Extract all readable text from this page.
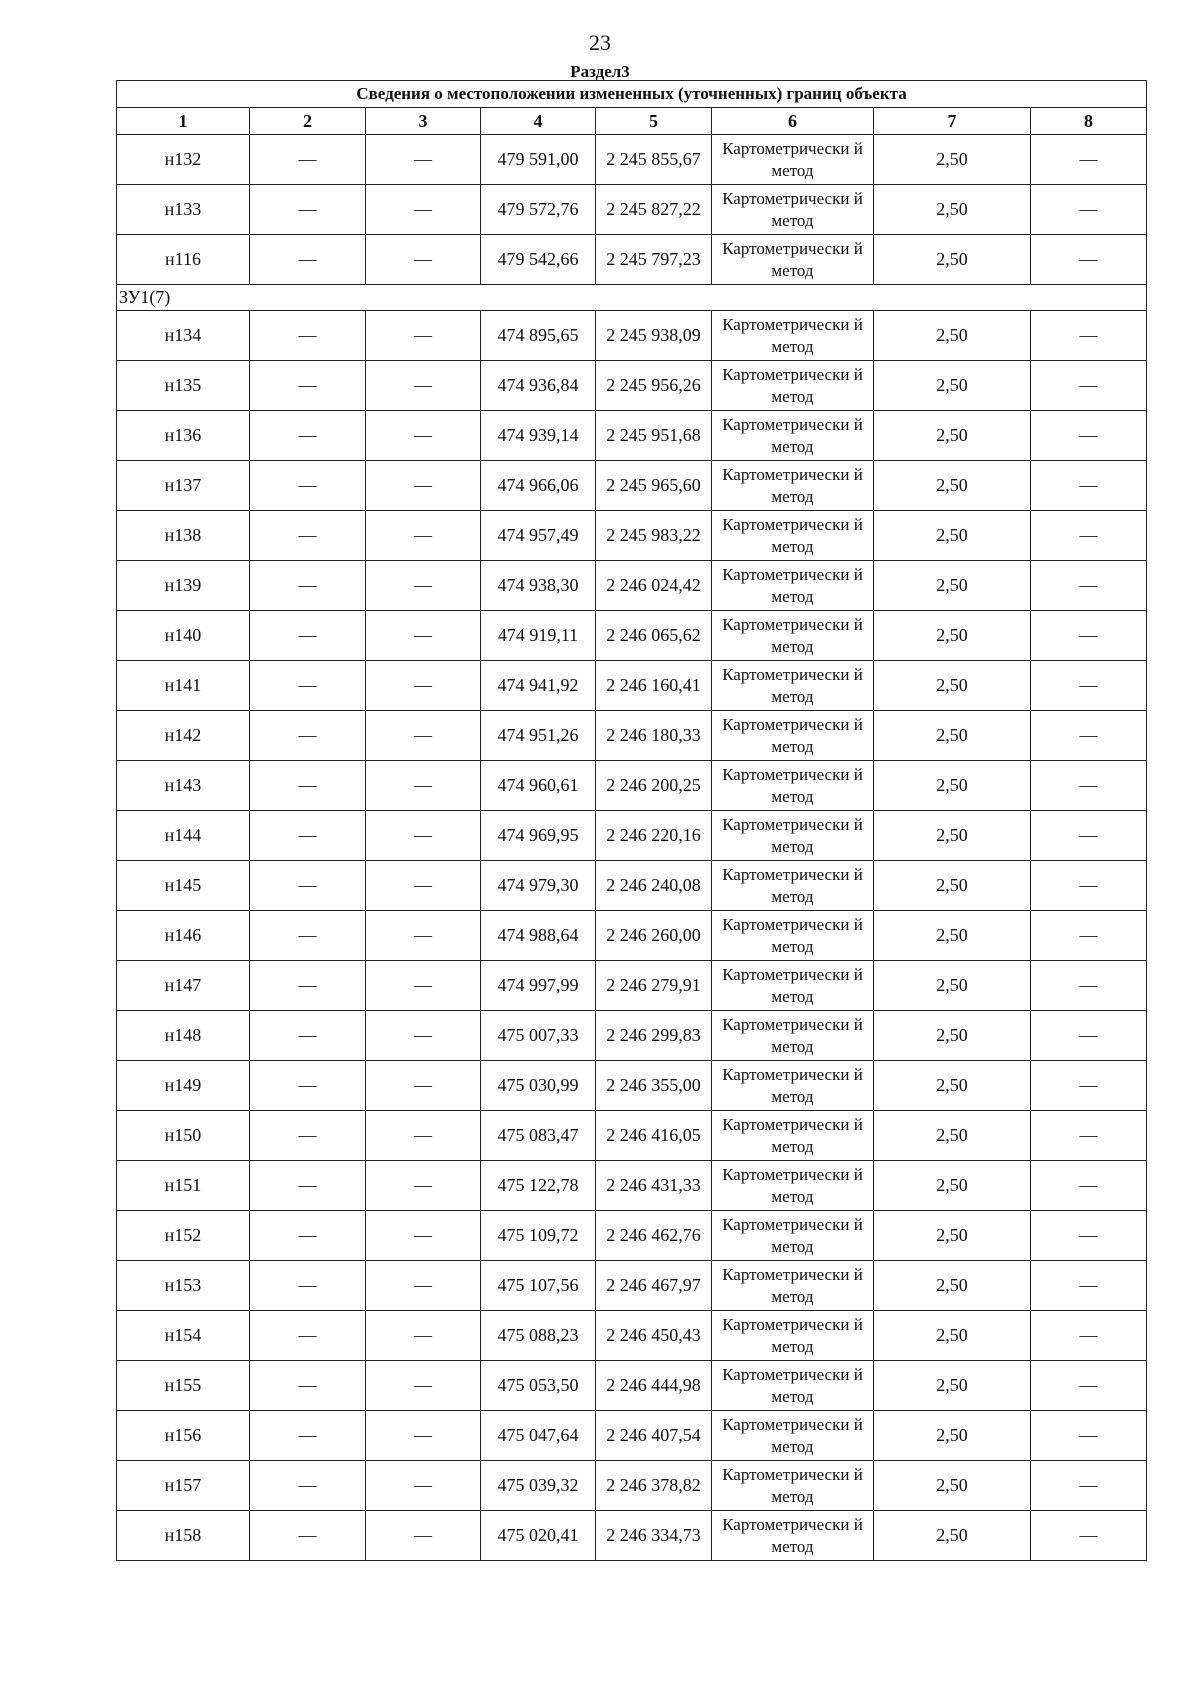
23
Раздел3
Сведения о местоположении измененных (уточненных) границ объекта							
1	2	3	4	5	6	7	8
н132	—	—	479 591,00	2 245 855,67	Картометрически й метод	2,50	—
н133	—	—	479 572,76	2 245 827,22	Картометрически й метод	2,50	—
н116	—	—	479 542,66	2 245 797,23	Картометрически й метод	2,50	—
ЗУ1(7)							
н134	—	—	474 895,65	2 245 938,09	Картометрически й метод	2,50	—
н135	—	—	474 936,84	2 245 956,26	Картометрически й метод	2,50	—
н136	—	—	474 939,14	2 245 951,68	Картометрически й метод	2,50	—
н137	—	—	474 966,06	2 245 965,60	Картометрически й метод	2,50	—
н138	—	—	474 957,49	2 245 983,22	Картометрически й метод	2,50	—
н139	—	—	474 938,30	2 246 024,42	Картометрически й метод	2,50	—
н140	—	—	474 919,11	2 246 065,62	Картометрически й метод	2,50	—
н141	—	—	474 941,92	2 246 160,41	Картометрически й метод	2,50	—
н142	—	—	474 951,26	2 246 180,33	Картометрически й метод	2,50	—
н143	—	—	474 960,61	2 246 200,25	Картометрически й метод	2,50	—
н144	—	—	474 969,95	2 246 220,16	Картометрически й метод	2,50	—
н145	—	—	474 979,30	2 246 240,08	Картометрически й метод	2,50	—
н146	—	—	474 988,64	2 246 260,00	Картометрически й метод	2,50	—
н147	—	—	474 997,99	2 246 279,91	Картометрически й метод	2,50	—
н148	—	—	475 007,33	2 246 299,83	Картометрически й метод	2,50	—
н149	—	—	475 030,99	2 246 355,00	Картометрически й метод	2,50	—
н150	—	—	475 083,47	2 246 416,05	Картометрически й метод	2,50	—
н151	—	—	475 122,78	2 246 431,33	Картометрически й метод	2,50	—
н152	—	—	475 109,72	2 246 462,76	Картометрически й метод	2,50	—
н153	—	—	475 107,56	2 246 467,97	Картометрически й метод	2,50	—
н154	—	—	475 088,23	2 246 450,43	Картометрически й метод	2,50	—
н155	—	—	475 053,50	2 246 444,98	Картометрически й метод	2,50	—
н156	—	—	475 047,64	2 246 407,54	Картометрически й метод	2,50	—
н157	—	—	475 039,32	2 246 378,82	Картометрически й метод	2,50	—
н158	—	—	475 020,41	2 246 334,73	Картометрически й метод	2,50	—
